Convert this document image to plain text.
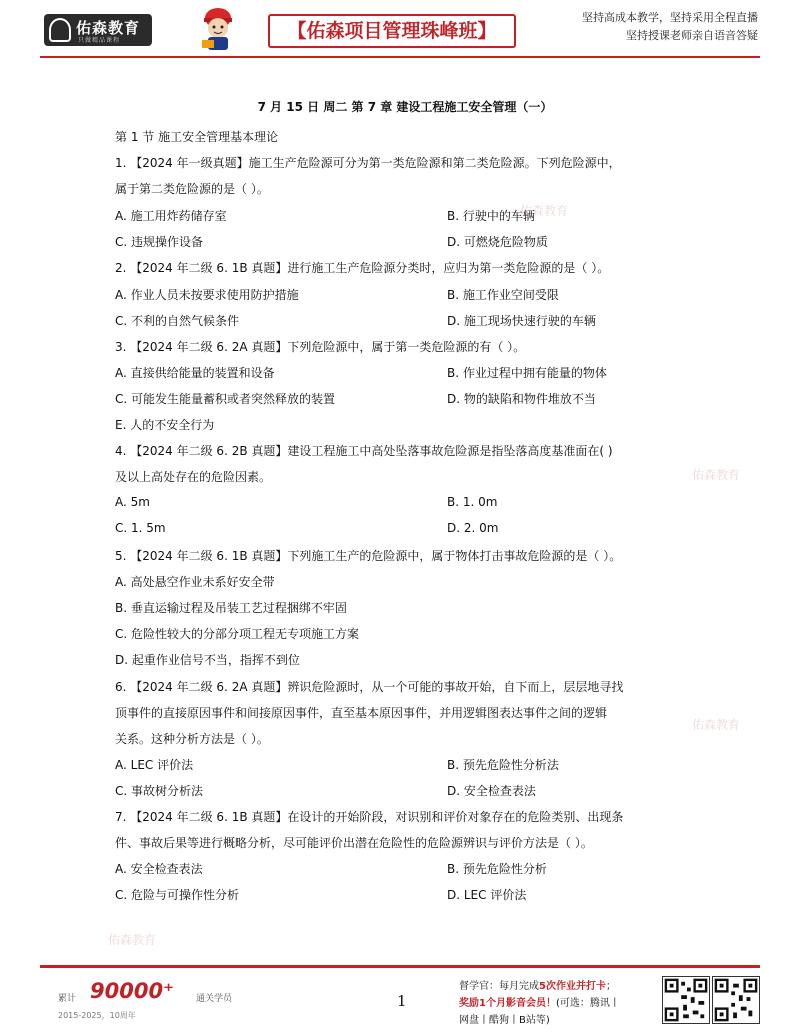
佑森教育
只做精品课程	【佑森项目管理珠峰班】
坚持高成本教学，坚持采用全程直播
坚持授课老师亲自语音答疑
佑森教育
佑森教育
佑森教育
佑森教育
7 月 15 日 周二 第 7 章 建设工程施工安全管理（一）
第 1 节 施工安全管理基本理论
1. 【2024 年一级真题】施工生产危险源可分为第一类危险源和第二类危险源。下列危险源中，
属于第二类危险源的是（ ）。
A. 施工用炸药储存室	B. 行驶中的车辆
C. 违规操作设备	D. 可燃烧危险物质
2. 【2024 年二级 6. 1B 真题】进行施工生产危险源分类时，应归为第一类危险源的是（ ）。
A. 作业人员未按要求使用防护措施	B. 施工作业空间受限
C. 不利的自然气候条件	D. 施工现场快速行驶的车辆
3. 【2024 年二级 6. 2A 真题】下列危险源中，属于第一类危险源的有（ ）。
A. 直接供给能量的装置和设备	B. 作业过程中拥有能量的物体
C. 可能发生能量蓄积或者突然释放的装置	D. 物的缺陷和物件堆放不当
E. 人的不安全行为
4. 【2024 年二级 6. 2B 真题】建设工程施工中高处坠落事故危险源是指坠落高度基准面在( )
及以上高处存在的危险因素。
A. 5m	B. 1. 0m
C. 1. 5m	D. 2. 0m
5. 【2024 年二级 6. 1B 真题】下列施工生产的危险源中，属于物体打击事故危险源的是（ ）。
A. 高处悬空作业未系好安全带
B. 垂直运输过程及吊装工艺过程捆绑不牢固
C. 危险性较大的分部分项工程无专项施工方案
D. 起重作业信号不当，指挥不到位
6. 【2024 年二级 6. 2A 真题】辨识危险源时，从一个可能的事故开始，自下而上，层层地寻找
顶事件的直接原因事件和间接原因事件，直至基本原因事件，并用逻辑图表达事件之间的逻辑
关系。这种分析方法是（ ）。
A. LEC 评价法	B. 预先危险性分析法
C. 事故树分析法	D. 安全检查表法
7. 【2024 年二级 6. 1B 真题】在设计的开始阶段，对识别和评价对象存在的危险类别、出现条
件、事故后果等进行概略分析，尽可能评价出潜在危险性的危险源辨识与评价方法是（ ）。
A. 安全检查表法	B. 预先危险性分析
C. 危险与可操作性分析	D. LEC 评价法
累计 90000⁺ 通关学员
2015-2025，10周年
1
督学官：每月完成5次作业并打卡；
奖励1个月影音会员！(可选：腾讯丨
网盘丨酷狗丨B站等)
